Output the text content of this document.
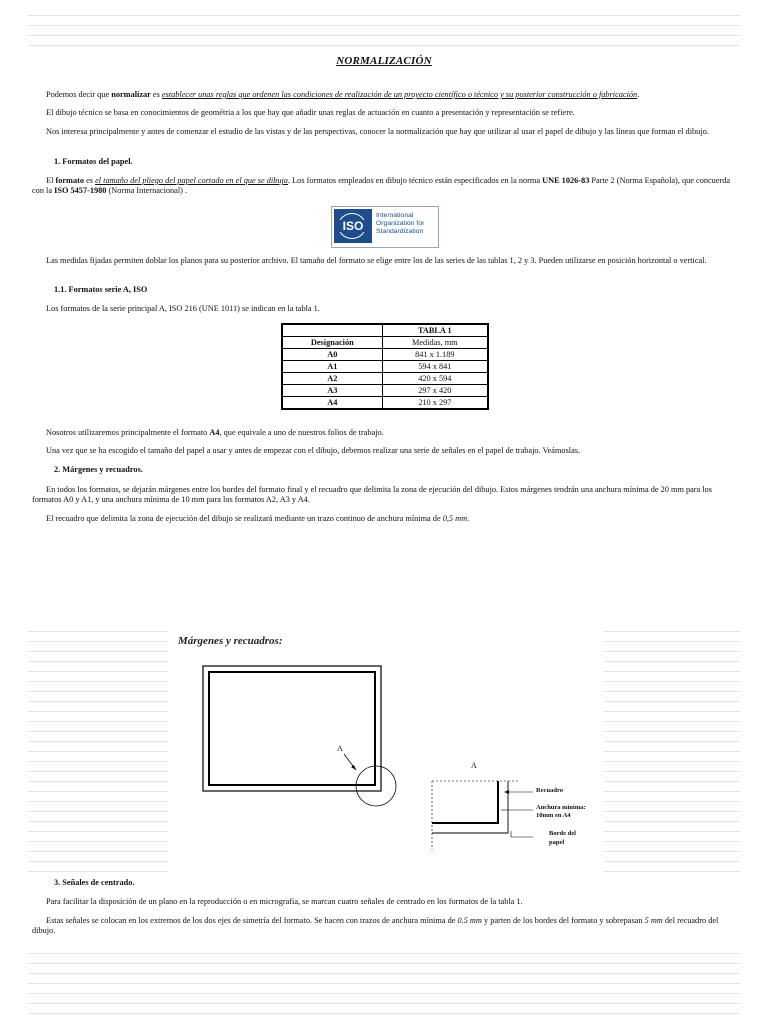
NORMALIZACIÓN
Podemos decir que normalizar es establecer unas reglas que ordenen las condiciones de realización de un proyecto científico o técnico y su posterior construcción o fabricación.
El dibujo técnico se basa en conocimientos de geométria a los que hay que añadir unas reglas de actuación en cuanto a presentación y representación se refiere.
Nos interesa principalmente y antes de comenzar el estudio de las vistas y de las perspectivas, conocer la normalización que hay que utilizar al usar el papel de dibujo y las líneas que forman el dibujo.
1. Formatos del papel.
El formato es el tamaño del pliego del papel cortado en el que se dibuja. Los formatos empleados en dibujo técnico están especificados en la norma UNE 1026-83 Parte 2 (Norma Española), que concuerda con la ISO 5457-1980 (Norma Internacional) .
ISO
International
Organization for
Standardization
Las medidas fijadas permiten doblar los planos para su posterior archivo. El tamaño del formato se elige entre los de las series de las tablas 1, 2 y 3. Pueden utilizarse en posición horizontal o vertical.
1.1. Formatos serie A, ISO
Los formatos de la serie principal A, ISO 216 (UNE 1011) se indican en la tabla 1.
	TABLA 1
Designación	Medidas, mm
A0	841 x 1.189
A1	594 x 841
A2	420 x 594
A3	297 x 420
A4	210 x 297
Nosotros utilizaremos principalmente el formato A4, que equivale a uno de nuestros folios de trabajo.
Una vez que se ha escogido el tamaño del papel a usar y antes de empezar con el dibujo, debemos realizar una serie de señales en el papel de trabajo. Veámoslas.
2. Márgenes y recuadros.
En todos los formatos, se dejarán márgenes entre los bordes del formato final y el recuadro que delimita la zona de ejecución del dibujo. Estos márgenes tendrán una anchura mínima de 20 mm para los formatos A0 y A1, y una anchura mínima de 10 mm para los formatos A2, A3 y A4.
El recuadro que delimita la zona de ejecución del dibujo se realizará mediante un trazo continuo de anchura mínima de 0,5 mm.
Márgenes y recuadros:
A
A
Recuadro
Anchura mínima:
10mm en A4
Borde del
papel
3. Señales de centrado.
Para facilitar la disposición de un plano en la reproducción o en micrografía, se marcan cuatro señales de centrado en los formatos de la tabla 1.
Estas señales se colocan en los extremos de los dos ejes de simetría del formato. Se hacen con trazos de anchura mínima de 0.5 mm y parten de los bordes del formato y sobrepasan 5 mm del recuadro del dibujo.
